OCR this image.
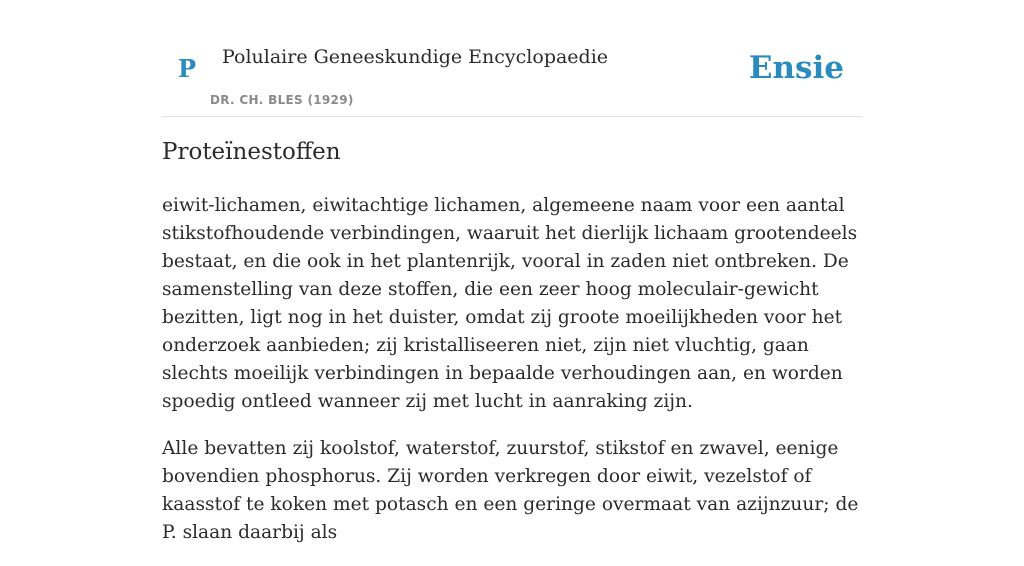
P Polulaire Geneeskundige Encyclopaedie
DR. CH. BLES (1929)
Ensie
Proteïnestoffen

eiwit-lichamen, eiwitachtige lichamen, algemeene naam voor een aantal stikstofhoudende verbindingen, waaruit het dierlijk lichaam grootendeels bestaat, en die ook in het plantenrijk, vooral in zaden niet ontbreken. De samenstelling van deze stoffen, die een zeer hoog moleculair-gewicht bezitten, ligt nog in het duister, omdat zij groote moeilijkheden voor het onderzoek aanbieden; zij kristalliseeren niet, zijn niet vluchtig, gaan slechts moeilijk verbindingen in bepaalde verhoudingen aan, en worden spoedig ontleed wanneer zij met lucht in aanraking zijn.

Alle bevatten zij koolstof, waterstof, zuurstof, stikstof en zwavel, eenige bovendien phosphorus. Zij worden verkregen door eiwit, vezelstof of kaasstof te koken met potasch en een geringe overmaat van azijnzuur; de P. slaan daarbij als
